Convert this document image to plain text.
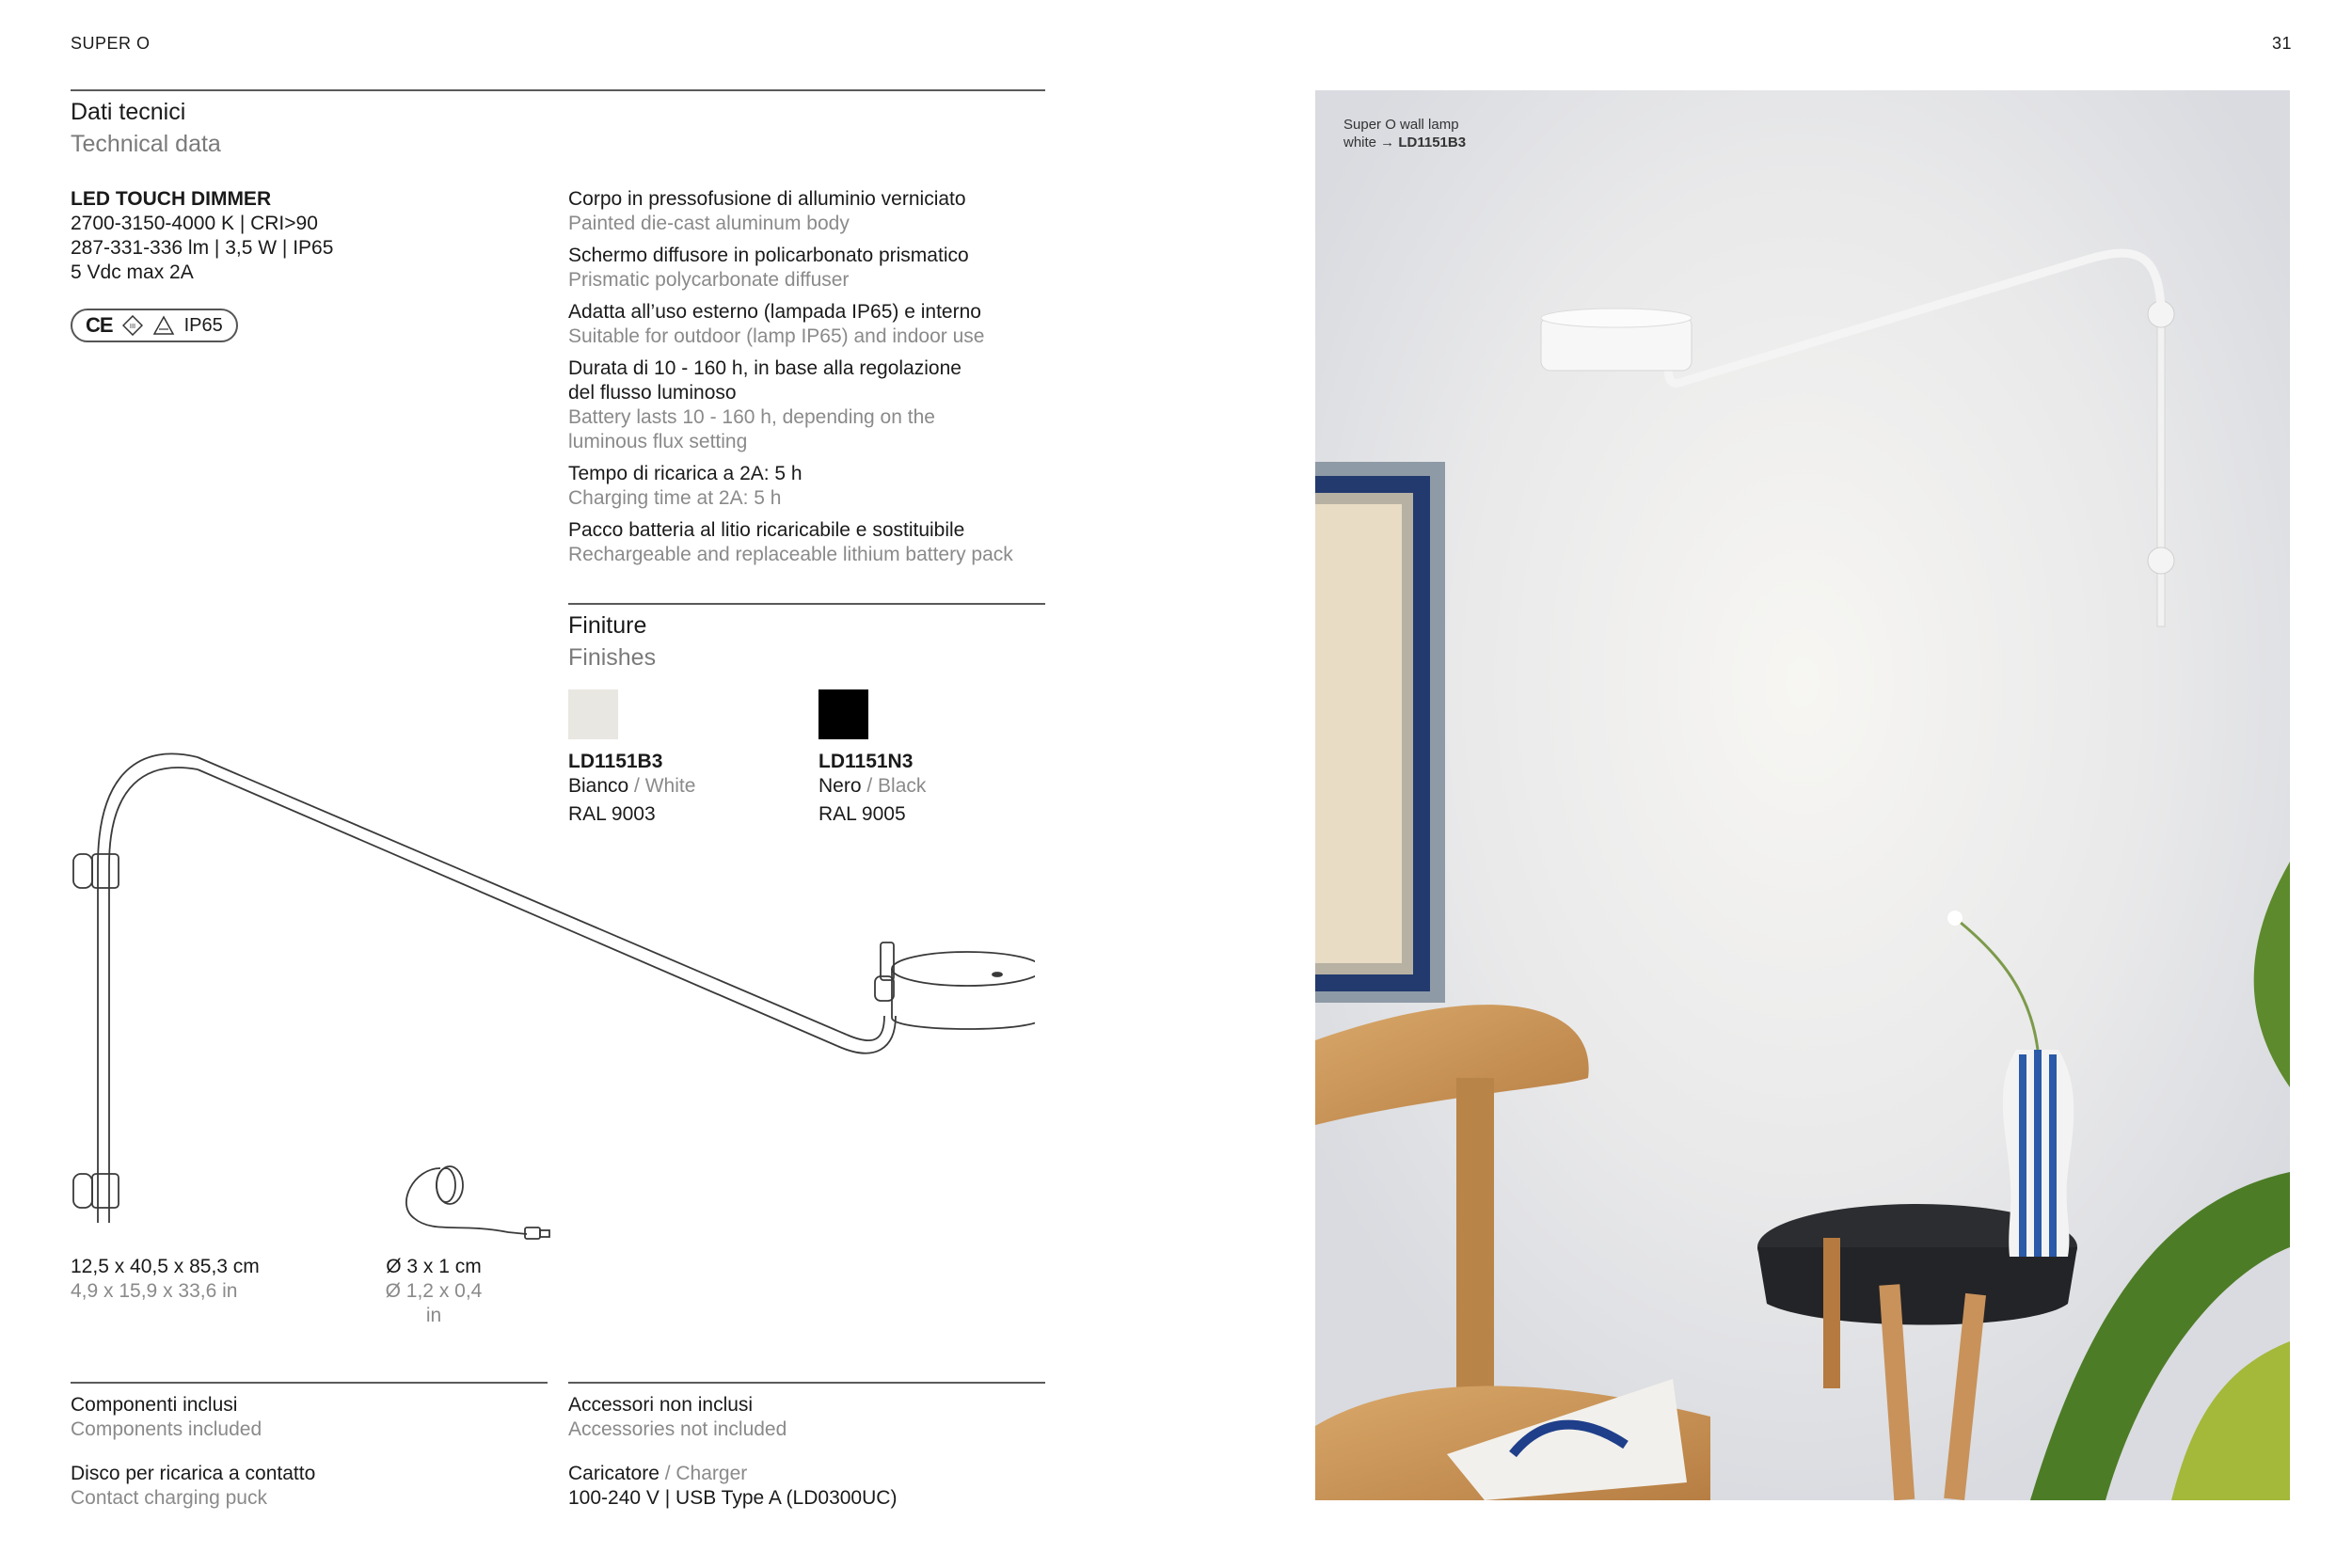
SUPER O	31
Dati tecnici
Technical data
LED TOUCH DIMMER
2700-3150-4000 K | CRI>90
287-331-336 lm | 3,5 W | IP65
5 Vdc max 2A
CE	III	IP65
Corpo in pressofusione di alluminio verniciato
Painted die-cast aluminum body
Schermo diffusore in policarbonato prismatico
Prismatic polycarbonate diffuser
Adatta all’uso esterno (lampada IP65) e interno
Suitable for outdoor (lamp IP65) and indoor use
Durata di 10 - 160 h, in base alla regolazione
del flusso luminoso
Battery lasts 10 - 160 h, depending on the
luminous flux setting
Tempo di ricarica a 2A: 5 h
Charging time at 2A: 5 h
Pacco batteria al litio ricaricabile e sostituibile
Rechargeable and replaceable lithium battery pack
Finiture
Finishes
LD1151B3
Bianco / White
RAL 9003
LD1151N3
Nero / Black
RAL 9005
12,5 x 40,5 x 85,3 cm
4,9 x 15,9 x 33,6 in
Ø 3 x 1 cm
Ø 1,2 x 0,4 in
Componenti inclusi
Components included
Disco per ricarica a contatto
Contact charging puck
Accessori non inclusi
Accessories not included
Caricatore / Charger
100-240 V | USB Type A (LD0300UC)
Super O wall lamp
white → LD1151B3
